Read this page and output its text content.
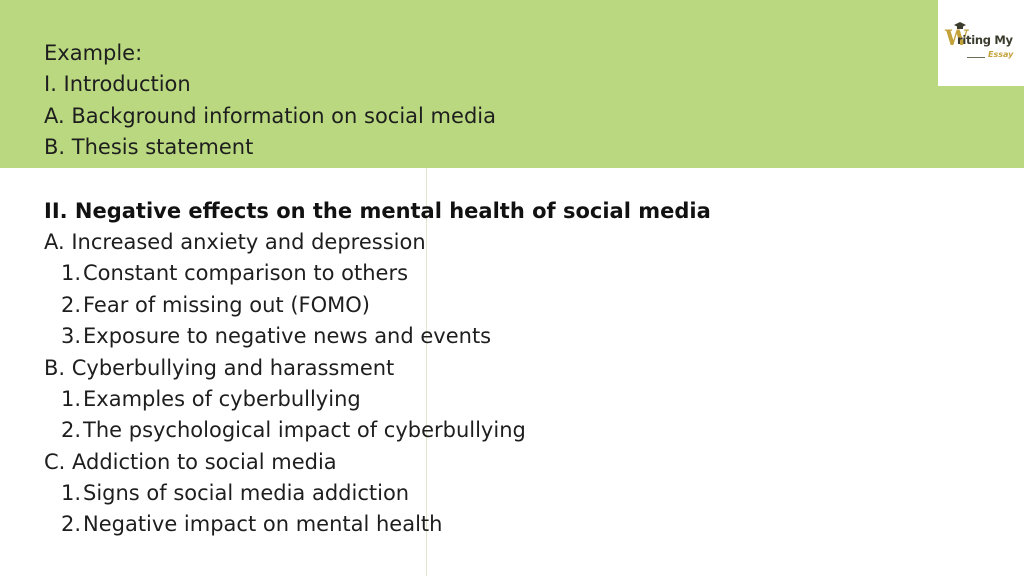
W
riting My
Essay
Example:
I. Introduction
A. Background information on social media
B. Thesis statement
II. Negative effects on the mental health of social media
A. Increased anxiety and depression
1. Constant comparison to others
2. Fear of missing out (FOMO)
3. Exposure to negative news and events
B. Cyberbullying and harassment
1. Examples of cyberbullying
2. The psychological impact of cyberbullying
C. Addiction to social media
1. Signs of social media addiction
2. Negative impact on mental health
